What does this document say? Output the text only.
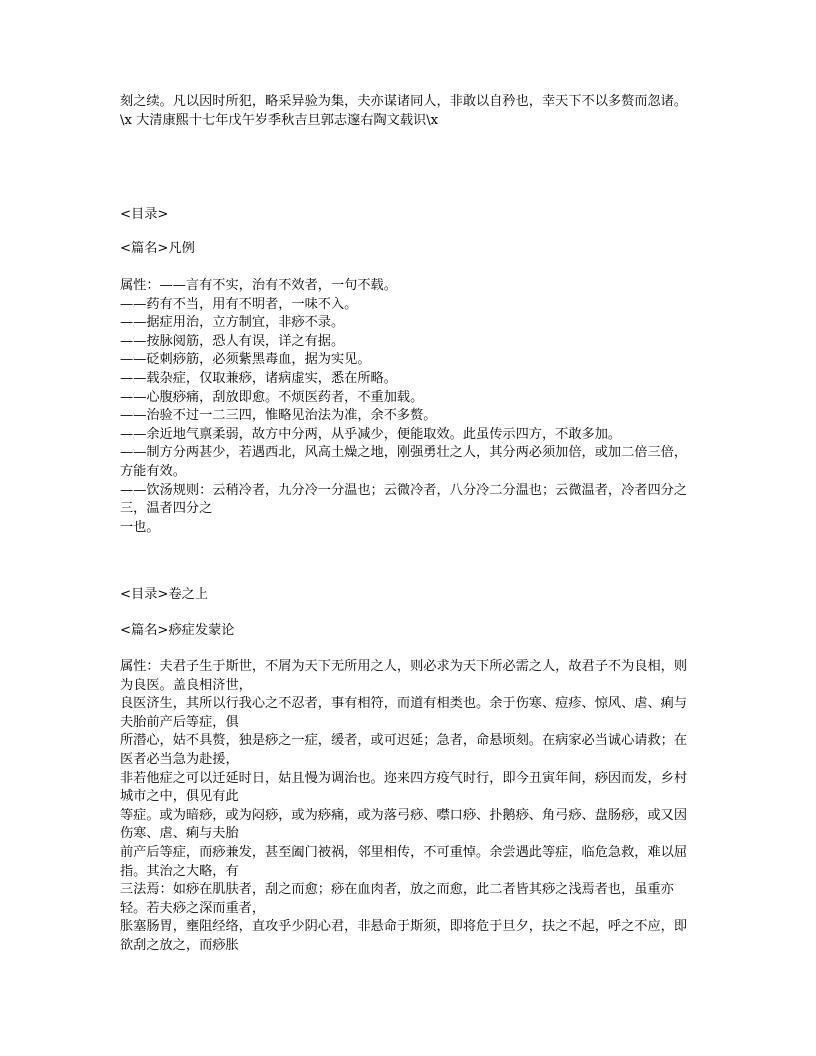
刻之续。凡以因时所犯，略采异验为集，夫亦谋诸同人，非敢以自矜也，幸天下不以多赘而忽诸。

\x 大清康熙十七年戊午岁季秋吉旦郭志邃右陶文载识\x

<目录>

<篇名>凡例

属性：——言有不实，治有不效者，一句不载。

——药有不当，用有不明者，一味不入。

——据症用治，立方制宜，非痧不录。

——按脉阅筋，恐人有误，详之有据。

——砭刺痧筋，必须紫黑毒血，据为实见。

——载杂症，仅取兼痧，诸病虚实，悉在所略。

——心腹痧痛，刮放即愈。不烦医药者，不重加载。

——治验不过一二三四，惟略见治法为准，余不多赘。

——余近地气禀柔弱，故方中分两，从乎减少，便能取效。此虽传示四方，不敢多加。

——制方分两甚少，若遇西北，风高土燥之地，刚强勇壮之人，其分两必须加倍，或加二倍三倍，方能有效。

——饮汤规则：云稍冷者，九分冷一分温也；云微冷者，八分冷二分温也；云微温者，冷者四分之三，温者四分之

一也。

<目录>卷之上

<篇名>痧症发蒙论

属性：夫君子生于斯世，不屑为天下无所用之人，则必求为天下所必需之人，故君子不为良相，则为良医。盖良相济世，

良医济生，其所以行我心之不忍者，事有相符，而道有相类也。余于伤寒、痘疹、惊风、虐、痢与夫胎前产后等症，俱

所潜心，姑不具赘，独是痧之一症，缓者，或可迟延；急者，命悬顷刻。在病家必当诚心请救；在医者必当急为赴援，

非若他症之可以迁延时日，姑且慢为调治也。迩来四方疫气时行，即今丑寅年间，痧因而发，乡村城市之中，俱见有此

等症。或为暗痧，或为闷痧，或为痧痛，或为落弓痧、噤口痧、扑鹅痧、角弓痧、盘肠痧，或又因伤寒、虐、痢与夫胎

前产后等症，而痧兼发，甚至阖门被祸，邻里相传，不可重悼。余尝遇此等症，临危急救，难以屈指。其治之大略，有

三法焉：如痧在肌肤者，刮之而愈；痧在血肉者，放之而愈，此二者皆其痧之浅焉者也，虽重亦轻。若夫痧之深而重者，

胀塞肠胃，壅阻经络，直攻乎少阴心君，非悬命于斯须，即将危于旦夕，扶之不起，呼之不应，即欲刮之放之，而痧胀
